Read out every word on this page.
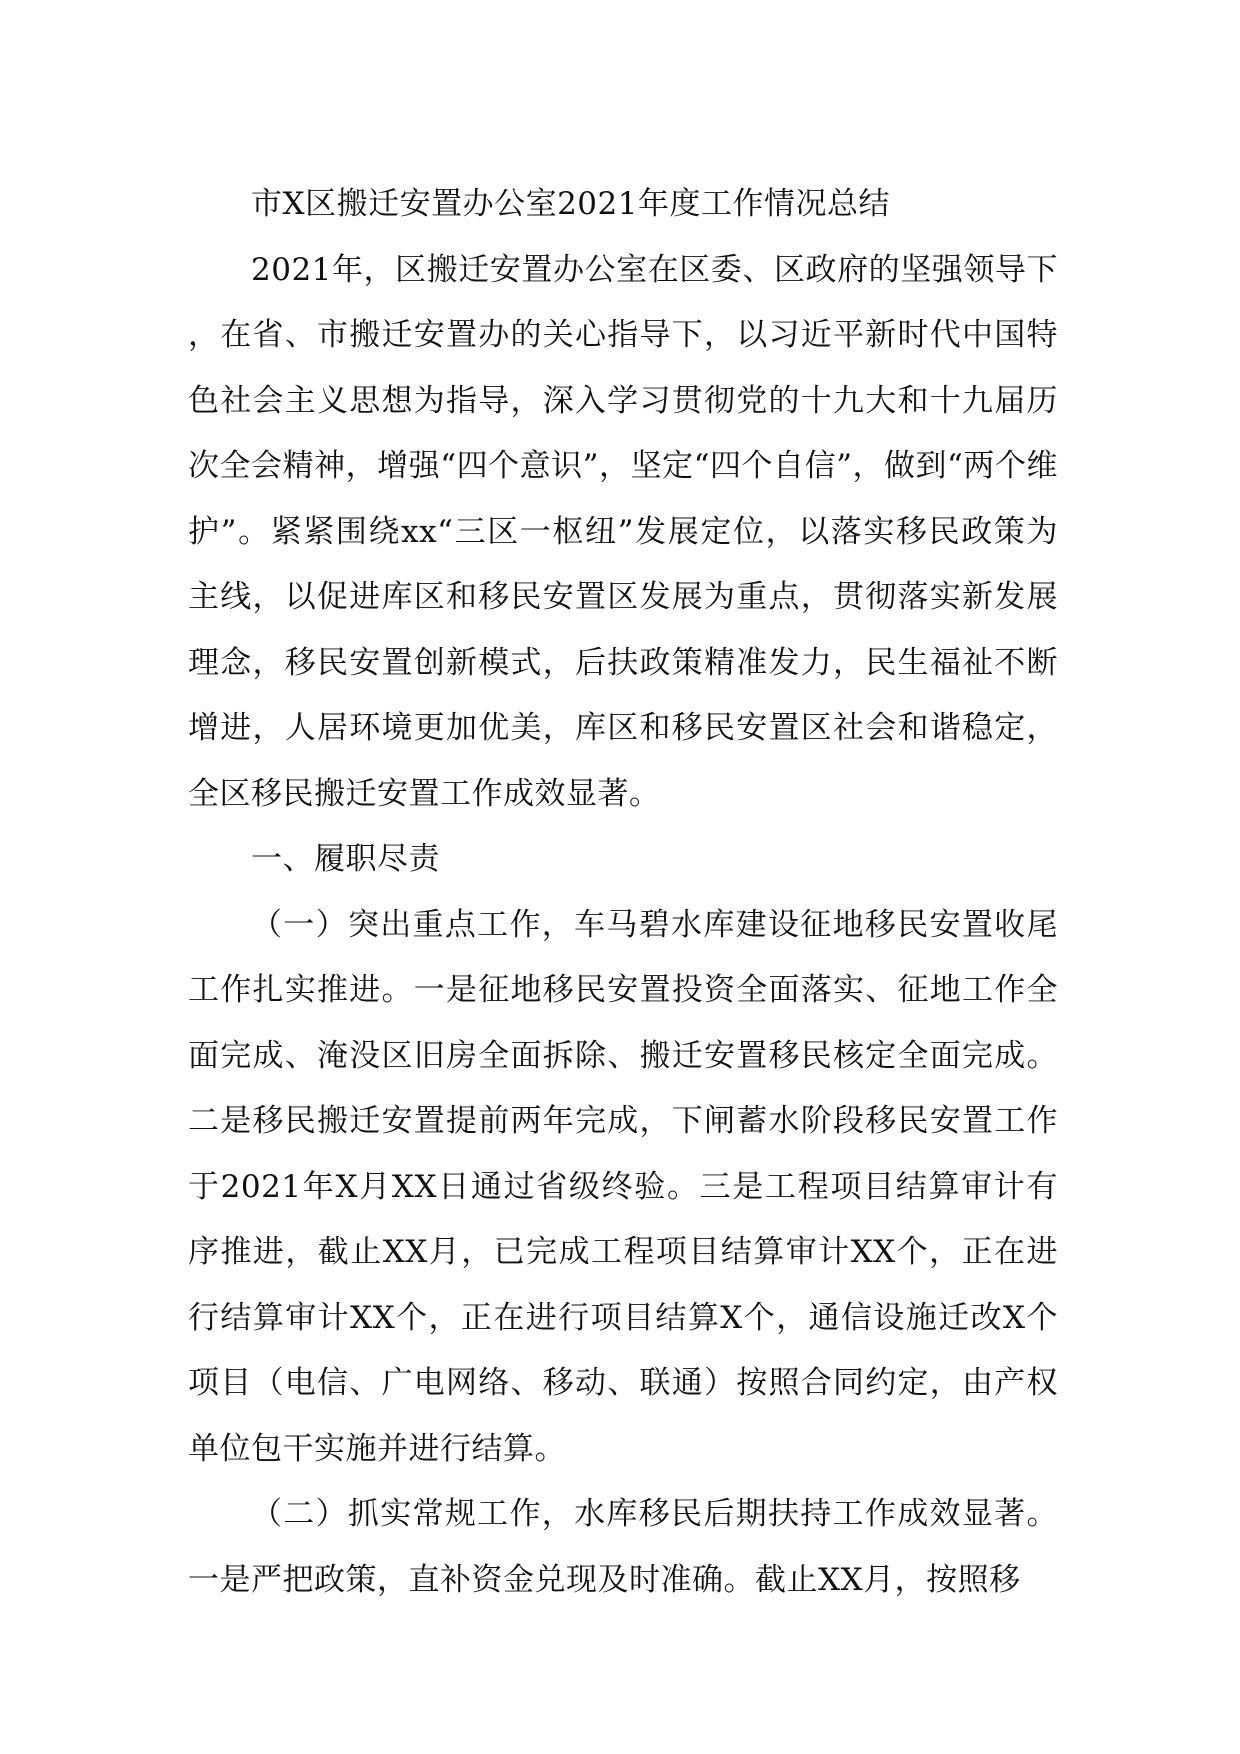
市X区搬迁安置办公室2021年度工作情况总结

2021年，区搬迁安置办公室在区委、区政府的坚强领导下，在省、市搬迁安置办的关心指导下，以习近平新时代中国特色社会主义思想为指导，深入学习贯彻党的十九大和十九届历次全会精神，增强“四个意识”，坚定“四个自信”，做到“两个维护”。紧紧围绕xx“三区一枢纽”发展定位，以落实移民政策为主线，以促进库区和移民安置区发展为重点，贯彻落实新发展理念，移民安置创新模式，后扶政策精准发力，民生福祉不断增进，人居环境更加优美，库区和移民安置区社会和谐稳定，全区移民搬迁安置工作成效显著。

一、履职尽责

（一）突出重点工作，车马碧水库建设征地移民安置收尾工作扎实推进。一是征地移民安置投资全面落实、征地工作全面完成、淹没区旧房全面拆除、搬迁安置移民核定全面完成。二是移民搬迁安置提前两年完成，下闸蓄水阶段移民安置工作于2021年X月XX日通过省级终验。三是工程项目结算审计有序推进，截止XX月，已完成工程项目结算审计XX个，正在进行结算审计XX个，正在进行项目结算X个，通信设施迁改X个项目（电信、广电网络、移动、联通）按照合同约定，由产权单位包干实施并进行结算。

（二）抓实常规工作，水库移民后期扶持工作成效显著。一是严把政策，直补资金兑现及时准确。截止XX月，按照移
